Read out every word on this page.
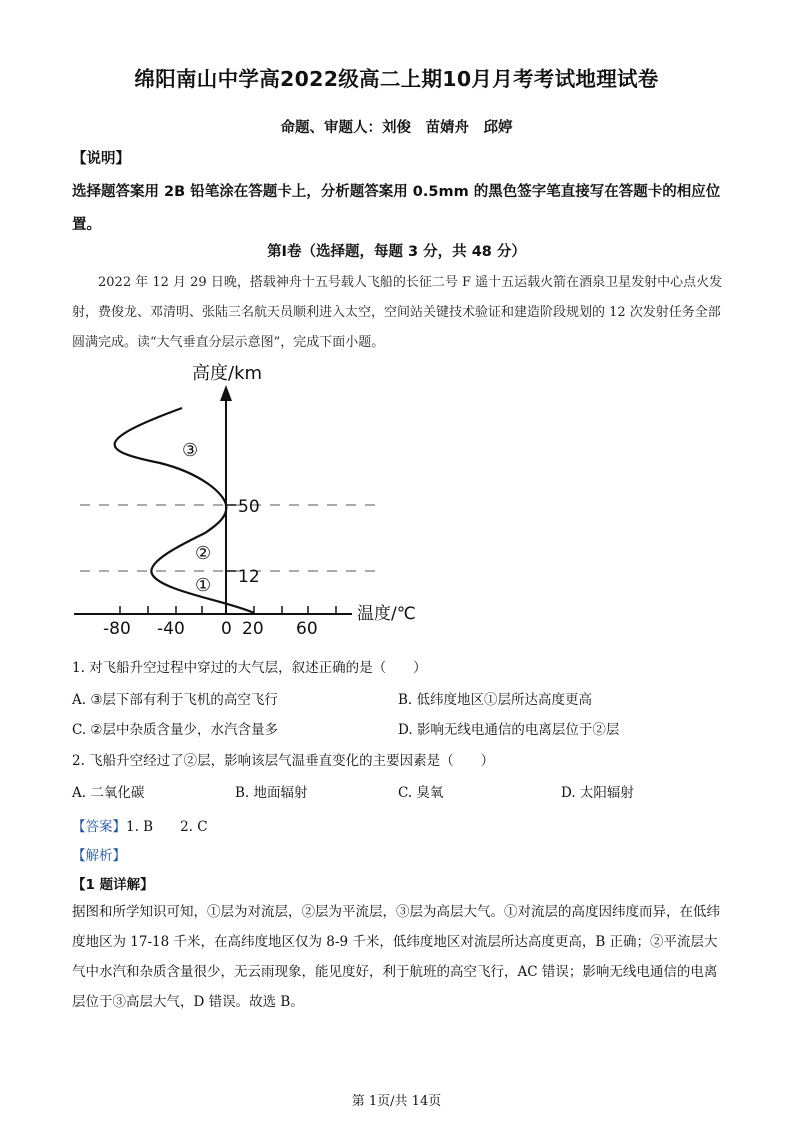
绵阳南山中学高2022级高二上期10月月考考试地理试卷
命题、审题人：刘俊　苗婧舟　邱婷
【说明】
选择题答案用 2B 铅笔涂在答题卡上，分析题答案用 0.5mm 的黑色签字笔直接写在答题卡的相应位置。
第Ⅰ卷（选择题，每题 3 分，共 48 分）
2022 年 12 月 29 日晚，搭载神舟十五号载人飞船的长征二号 F 遥十五运载火箭在酒泉卫星发射中心点火发射，费俊龙、邓清明、张陆三名航天员顺利进入太空，空间站关键技术验证和建造阶段规划的 12 次发射任务全部圆满完成。读“大气垂直分层示意图”，完成下面小题。
高度/km
温度/℃
50
12
-80 -40 0 20 60
①
②
③
1. 对飞船升空过程中穿过的大气层，叙述正确的是（　　）
A. ③层下部有利于飞机的高空飞行	B. 低纬度地区①层所达高度更高
C. ②层中杂质含量少，水汽含量多	D. 影响无线电通信的电离层位于②层
2. 飞船升空经过了②层，影响该层气温垂直变化的主要因素是（　　）
A. 二氧化碳	B. 地面辐射	C. 臭氧	D. 太阳辐射
【答案】1. B　　2. C
【解析】
【1 题详解】
据图和所学知识可知，①层为对流层，②层为平流层，③层为高层大气。①对流层的高度因纬度而异，在低纬度地区为 17-18 千米，在高纬度地区仅为 8-9 千米，低纬度地区对流层所达高度更高，B 正确；②平流层大气中水汽和杂质含量很少，无云雨现象，能见度好，利于航班的高空飞行，AC 错误；影响无线电通信的电离层位于③高层大气，D 错误。故选 B。
第 1页/共 14页
